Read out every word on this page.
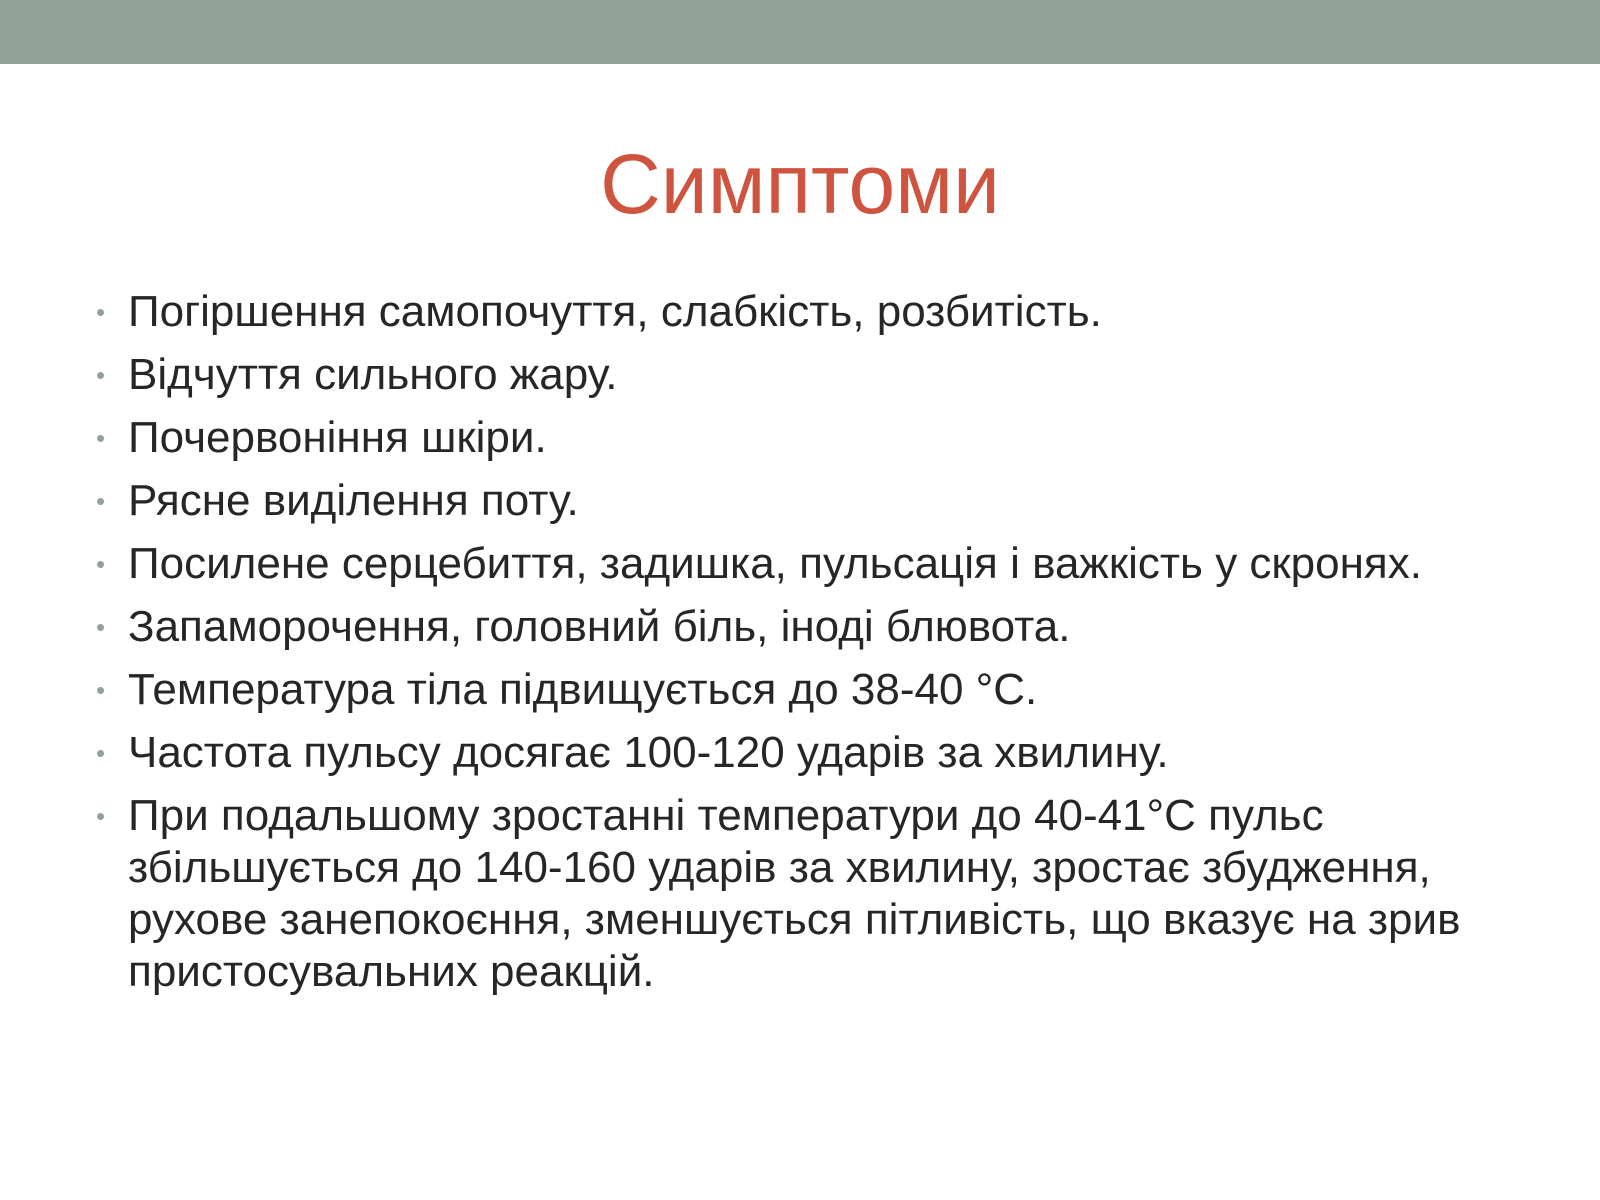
Симптоми
• Погіршення самопочуття, слабкість, розбитість.
• Відчуття сильного жару.
• Почервоніння шкіри.
• Рясне виділення поту.
• Посилене серцебиття, задишка, пульсація і важкість у скронях.
• Запаморочення, головний біль, іноді блювота.
• Температура тіла підвищується до 38-40 °С.
• Частота пульсу досягає 100-120 ударів за хвилину.
• При подальшому зростанні температури до 40-41°С пульс збільшується до 140-160 ударів за хвилину, зростає збудження, рухове занепокоєння, зменшується пітливість, що вказує на зрив пристосувальних реакцій.
